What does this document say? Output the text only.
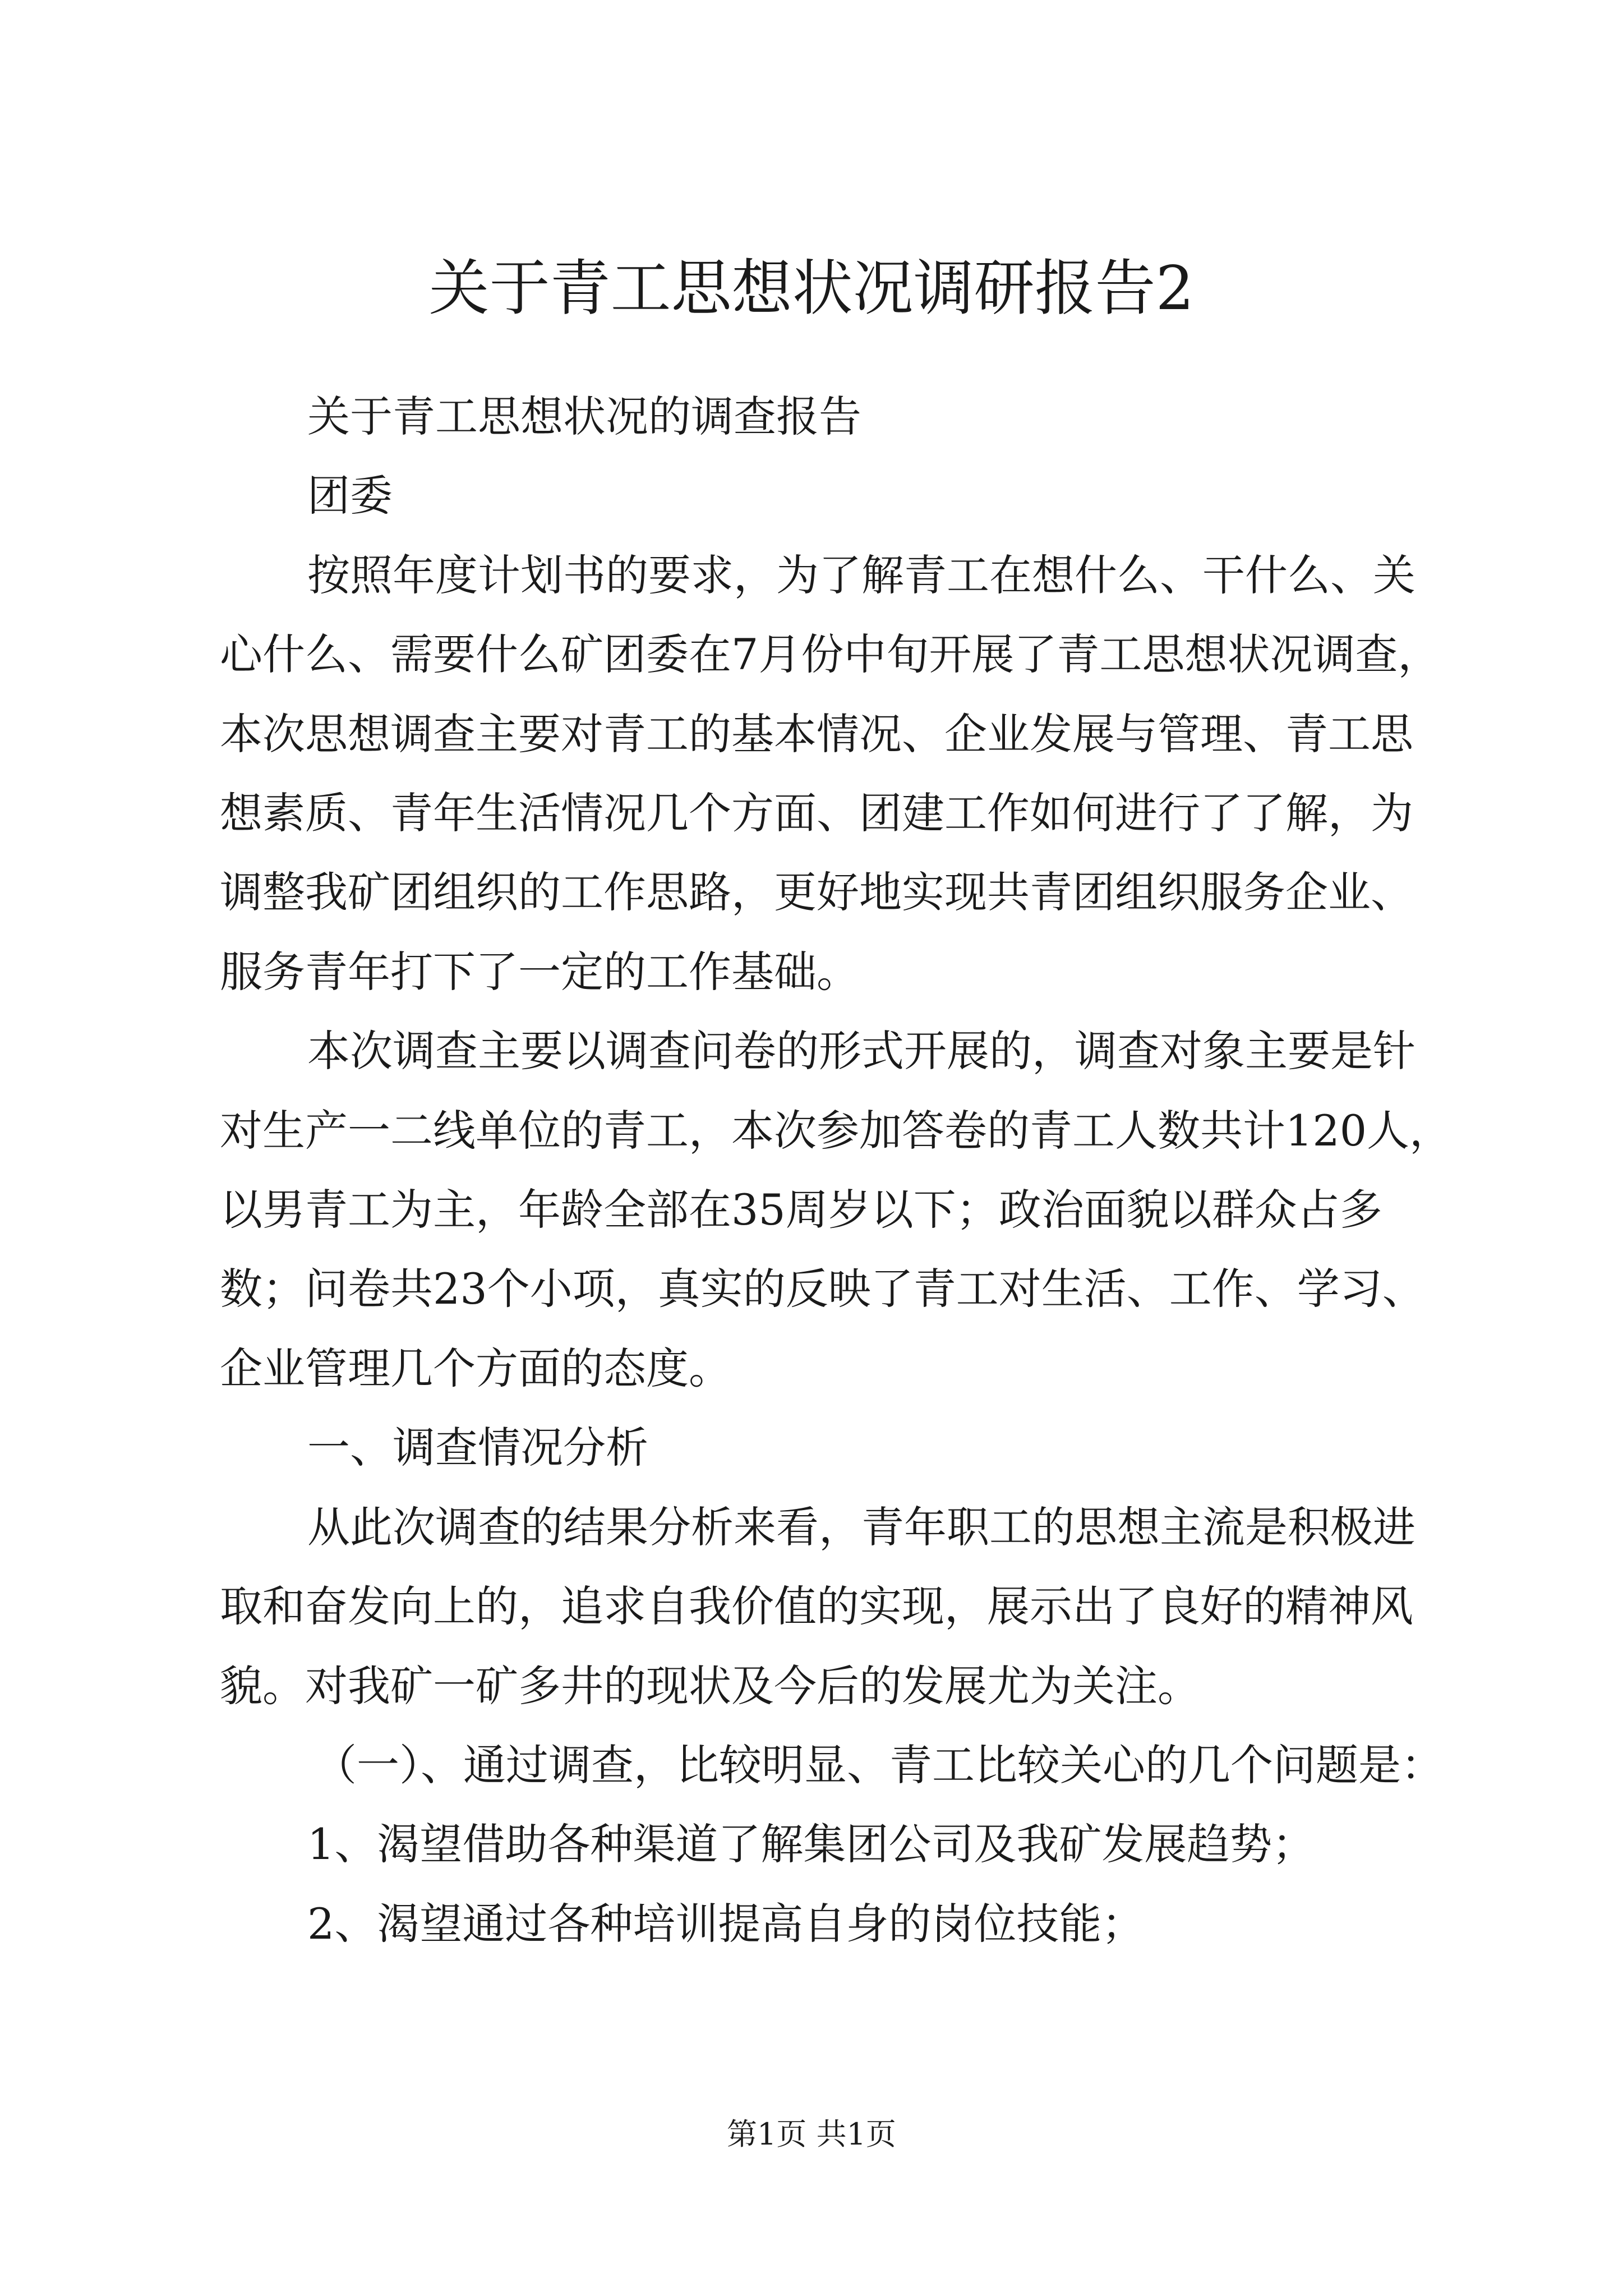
关于青工思想状况调研报告2

关于青工思想状况的调查报告

团委

按照年度计划书的要求，为了解青工在想什么、干什么、关

心什么、需要什么矿团委在7月份中旬开展了青工思想状况调查，

本次思想调查主要对青工的基本情况、企业发展与管理、青工思

想素质、青年生活情况几个方面、团建工作如何进行了了解，为

调整我矿团组织的工作思路，更好地实现共青团组织服务企业、

服务青年打下了一定的工作基础。

本次调查主要以调查问卷的形式开展的，调查对象主要是针

对生产一二线单位的青工，本次参加答卷的青工人数共计120人，

以男青工为主，年龄全部在35周岁以下；政治面貌以群众占多

数；问卷共23个小项，真实的反映了青工对生活、工作、学习、

企业管理几个方面的态度。

一、调查情况分析

从此次调查的结果分析来看，青年职工的思想主流是积极进

取和奋发向上的，追求自我价值的实现，展示出了良好的精神风

貌。对我矿一矿多井的现状及今后的发展尤为关注。

（一）、通过调查，比较明显、青工比较关心的几个问题是：

1、渴望借助各种渠道了解集团公司及我矿发展趋势；

2、渴望通过各种培训提高自身的岗位技能；

第1页 共1页
